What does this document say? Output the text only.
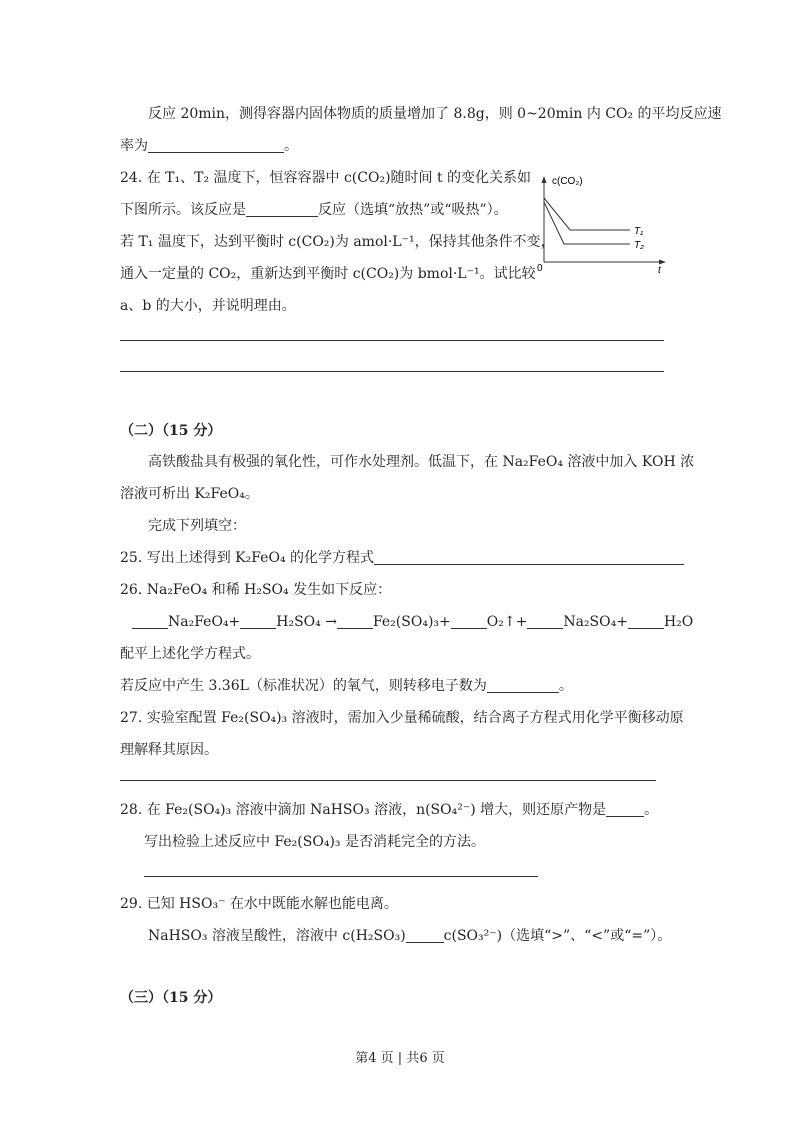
反应 20min，测得容器内固体物质的质量增加了 8.8g，则 0~20min 内 CO₂ 的平均反应速
率为	。
24. 在 T₁、T₂ 温度下，恒容容器中 c(CO₂)随时间 t 的变化关系如
下图所示。该反应是	反应（选填“放热”或“吸热”）。
若 T₁ 温度下，达到平衡时 c(CO₂)为 amol·L⁻¹，保持其他条件不变，
通入一定量的 CO₂，重新达到平衡时 c(CO₂)为 bmol·L⁻¹。试比较
a、b 的大小，并说明理由。
c(CO₂)
t
0
T₁
T₂
（二）（15 分）
高铁酸盐具有极强的氧化性，可作水处理剂。低温下，在 Na₂FeO₄ 溶液中加入 KOH 浓
溶液可析出 K₂FeO₄。
完成下列填空：
25. 写出上述得到 K₂FeO₄ 的化学方程式
26. Na₂FeO₄ 和稀 H₂SO₄ 发生如下反应：
Na₂FeO₄+	H₂SO₄ →	Fe₂(SO₄)₃+	O₂↑+	Na₂SO₄+	H₂O
配平上述化学方程式。
若反应中产生 3.36L（标准状况）的氧气，则转移电子数为	。
27. 实验室配置 Fe₂(SO₄)₃ 溶液时，需加入少量稀硫酸，结合离子方程式用化学平衡移动原
理解释其原因。
28. 在 Fe₂(SO₄)₃ 溶液中滴加 NaHSO₃ 溶液，n(SO₄²⁻) 增大，则还原产物是	。
写出检验上述反应中 Fe₂(SO₄)₃ 是否消耗完全的方法。
29. 已知 HSO₃⁻ 在水中既能水解也能电离。
NaHSO₃ 溶液呈酸性，溶液中 c(H₂SO₃)	c(SO₃²⁻)（选填“>”、“<”或“=”）。
（三）（15 分）
第4 页 | 共6 页
